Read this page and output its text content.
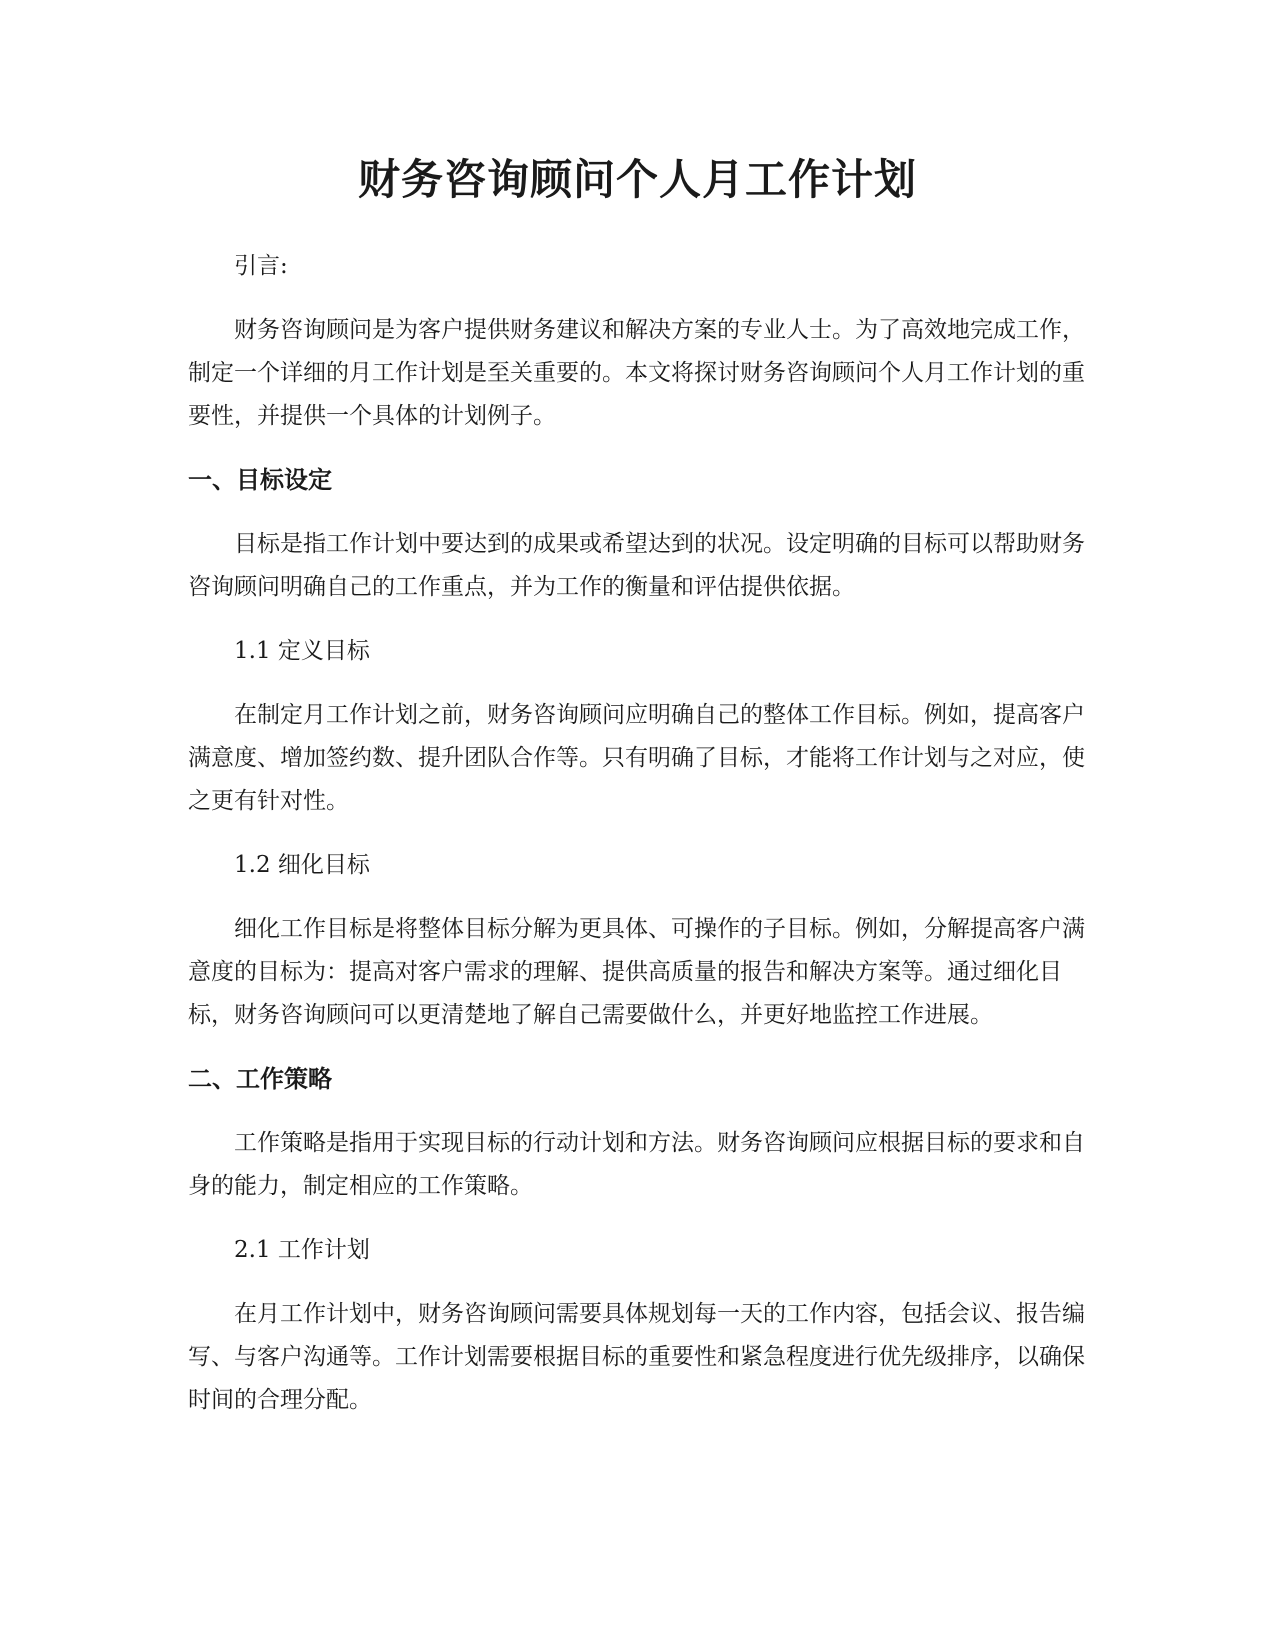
财务咨询顾问个人月工作计划

引言:

财务咨询顾问是为客户提供财务建议和解决方案的专业人士。为了高效地完成工作，制定一个详细的月工作计划是至关重要的。本文将探讨财务咨询顾问个人月工作计划的重要性，并提供一个具体的计划例子。

一、目标设定

目标是指工作计划中要达到的成果或希望达到的状况。设定明确的目标可以帮助财务咨询顾问明确自己的工作重点，并为工作的衡量和评估提供依据。

1.1 定义目标

在制定月工作计划之前，财务咨询顾问应明确自己的整体工作目标。例如，提高客户满意度、增加签约数、提升团队合作等。只有明确了目标，才能将工作计划与之对应，使之更有针对性。

1.2 细化目标

细化工作目标是将整体目标分解为更具体、可操作的子目标。例如，分解提高客户满意度的目标为：提高对客户需求的理解、提供高质量的报告和解决方案等。通过细化目标，财务咨询顾问可以更清楚地了解自己需要做什么，并更好地监控工作进展。

二、工作策略

工作策略是指用于实现目标的行动计划和方法。财务咨询顾问应根据目标的要求和自身的能力，制定相应的工作策略。

2.1 工作计划

在月工作计划中，财务咨询顾问需要具体规划每一天的工作内容，包括会议、报告编写、与客户沟通等。工作计划需要根据目标的重要性和紧急程度进行优先级排序，以确保时间的合理分配。
